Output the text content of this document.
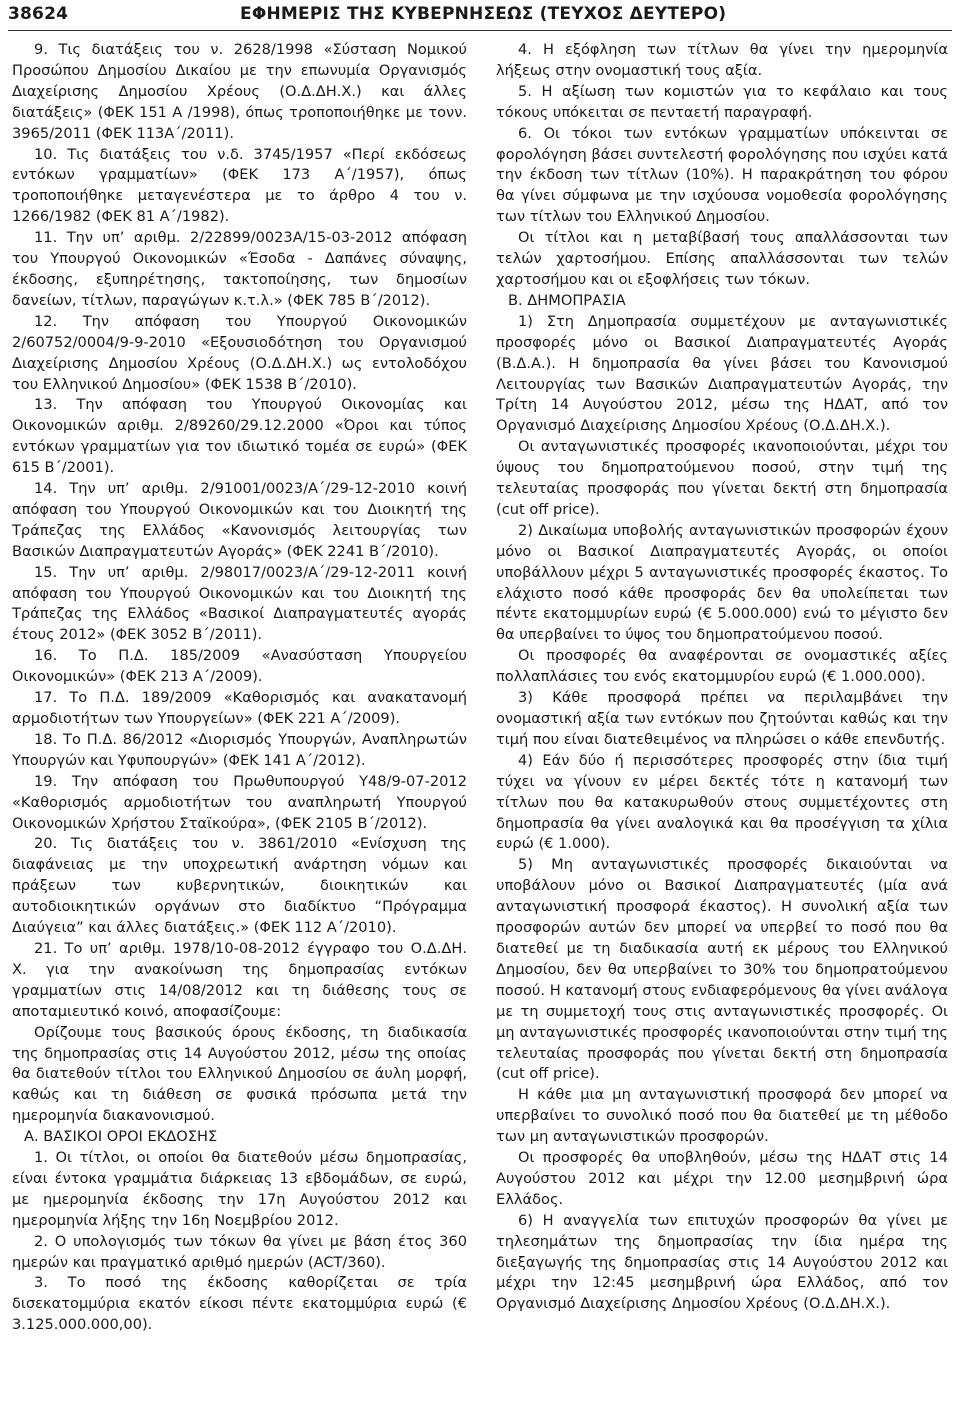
38624	ΕΦΗΜΕΡΙΣ ΤΗΣ ΚΥΒΕΡΝΗΣΕΩΣ (ΤΕΥΧΟΣ ΔΕΥΤΕΡΟ)

9. Τις διατάξεις του ν. 2628/1998 «Σύσταση Νομικού Προσώπου Δημοσίου Δικαίου με την επωνυμία Οργανισμός Διαχείρισης Δημοσίου Χρέους (Ο.Δ.ΔΗ.Χ.) και άλλες διατάξεις» (ΦΕΚ 151 Α /1998), όπως τροποποιήθηκε με τονν. 3965/2011 (ΦΕΚ 113Α΄/2011).

10. Τις διατάξεις του ν.δ. 3745/1957 «Περί εκδόσεως εντόκων γραμματίων» (ΦΕΚ 173 Α΄/1957), όπως τροποποιήθηκε μεταγενέστερα με το άρθρο 4 του ν. 1266/1982 (ΦΕΚ 81 Α΄/1982).

11. Την υπ’ αριθμ. 2/22899/0023Α/15-03-2012 απόφαση του Υπουργού Οικονομικών «Έσοδα - Δαπάνες σύναψης, έκδοσης, εξυπηρέτησης, τακτοποίησης, των δημοσίων δανείων, τίτλων, παραγώγων κ.τ.λ.» (ΦΕΚ 785 Β΄/2012).

12. Την απόφαση του Υπουργού Οικονομικών 2/60752/0004/9-9-2010 «Εξουσιοδότηση του Οργανισμού Διαχείρισης Δημοσίου Χρέους (Ο.Δ.ΔΗ.Χ.) ως εντολοδόχου του Ελληνικού Δημοσίου» (ΦΕΚ 1538 Β΄/2010).

13. Την απόφαση του Υπουργού Οικονομίας και Οικονομικών αριθμ. 2/89260/29.12.2000 «Όροι και τύπος εντόκων γραμματίων για τον ιδιωτικό τομέα σε ευρώ» (ΦΕΚ 615 Β΄/2001).

14. Την υπ’ αριθμ. 2/91001/0023/Α΄/29-12-2010 κοινή απόφαση του Υπουργού Οικονομικών και του Διοικητή της Τράπεζας της Ελλάδος «Κανονισμός λειτουργίας των Βασικών Διαπραγματευτών Αγοράς» (ΦΕΚ 2241 Β΄/2010).

15. Την υπ’ αριθμ. 2/98017/0023/Α΄/29-12-2011 κοινή απόφαση του Υπουργού Οικονομικών και του Διοικητή της Τράπεζας της Ελλάδος «Βασικοί Διαπραγματευτές αγοράς έτους 2012» (ΦΕΚ 3052 Β΄/2011).

16. Το Π.Δ. 185/2009 «Ανασύσταση Υπουργείου Οικονομικών» (ΦΕΚ 213 Α΄/2009).

17. Το Π.Δ. 189/2009 «Καθορισμός και ανακατανομή αρμοδιοτήτων των Υπουργείων» (ΦΕΚ 221 Α΄/2009).

18. Το Π.Δ. 86/2012 «Διορισμός Υπουργών, Αναπληρωτών Υπουργών και Υφυπουργών» (ΦΕΚ 141 Α΄/2012).

19. Την απόφαση του Πρωθυπουργού Υ48/9-07-2012 «Καθορισμός αρμοδιοτήτων του αναπληρωτή Υπουργού Οικονομικών Χρήστου Σταϊκούρα», (ΦΕΚ 2105 Β΄/2012).

20. Τις διατάξεις του ν. 3861/2010 «Ενίσχυση της διαφάνειας με την υποχρεωτική ανάρτηση νόμων και πράξεων των κυβερνητικών, διοικητικών και αυτοδιοικητικών οργάνων στο διαδίκτυο “Πρόγραμμα Διαύγεια” και άλλες διατάξεις.» (ΦΕΚ 112 Α΄/2010).

21. Το υπ’ αριθμ. 1978/10-08-2012 έγγραφο του Ο.Δ.ΔΗ. Χ. για την ανακοίνωση της δημοπρασίας εντόκων γραμματίων στις 14/08/2012 και τη διάθεσης τους σε αποταμιευτικό κοινό, αποφασίζουμε:

Ορίζουμε τους βασικούς όρους έκδοσης, τη διαδικασία της δημοπρασίας στις 14 Αυγούστου 2012, μέσω της οποίας θα διατεθούν τίτλοι του Ελληνικού Δημοσίου σε άυλη μορφή, καθώς και τη διάθεση σε φυσικά πρόσωπα μετά την ημερομηνία διακανονισμού.

Α. ΒΑΣΙΚΟΙ ΟΡΟΙ ΕΚΔΟΣΗΣ

1. Οι τίτλοι, οι οποίοι θα διατεθούν μέσω δημοπρασίας, είναι έντοκα γραμμάτια διάρκειας 13 εβδομάδων, σε ευρώ, με ημερομηνία έκδοσης την 17η Αυγούστου 2012 και ημερομηνία λήξης την 16η Νοεμβρίου 2012.

2. Ο υπολογισμός των τόκων θα γίνει με βάση έτος 360 ημερών και πραγματικό αριθμό ημερών (ACT/360).

3. Το ποσό της έκδοσης καθορίζεται σε τρία δισεκατομμύρια εκατόν είκοσι πέντε εκατομμύρια ευρώ (€ 3.125.000.000,00).

4. Η εξόφληση των τίτλων θα γίνει την ημερομηνία λήξεως στην ονομαστική τους αξία.

5. Η αξίωση των κομιστών για το κεφάλαιο και τους τόκους υπόκειται σε πενταετή παραγραφή.

6. Οι τόκοι των εντόκων γραμματίων υπόκεινται σε φορολόγηση βάσει συντελεστή φορολόγησης που ισχύει κατά την έκδοση των τίτλων (10%). Η παρακράτηση του φόρου θα γίνει σύμφωνα με την ισχύουσα νομοθεσία φορολόγησης των τίτλων του Ελληνικού Δημοσίου.

Οι τίτλοι και η μεταβίβασή τους απαλλάσσονται των τελών χαρτοσήμου. Επίσης απαλλάσσονται των τελών χαρτοσήμου και οι εξοφλήσεις των τόκων.

Β. ΔΗΜΟΠΡΑΣΙΑ

1) Στη Δημοπρασία συμμετέχουν με ανταγωνιστικές προσφορές μόνο οι Βασικοί Διαπραγματευτές Αγοράς (Β.Δ.Α.). Η δημοπρασία θα γίνει βάσει του Κανονισμού Λειτουργίας των Βασικών Διαπραγματευτών Αγοράς, την Τρίτη 14 Αυγούστου 2012, μέσω της ΗΔΑΤ, από τον Οργανισμό Διαχείρισης Δημοσίου Χρέους (Ο.Δ.ΔΗ.Χ.).

Οι ανταγωνιστικές προσφορές ικανοποιούνται, μέχρι του ύψους του δημοπρατούμενου ποσού, στην τιμή της τελευταίας προσφοράς που γίνεται δεκτή στη δημοπρασία (cut off price).

2) Δικαίωμα υποβολής ανταγωνιστικών προσφορών έχουν μόνο οι Βασικοί Διαπραγματευτές Αγοράς, οι οποίοι υποβάλλουν μέχρι 5 ανταγωνιστικές προσφορές έκαστος. Το ελάχιστο ποσό κάθε προσφοράς δεν θα υπολείπεται των πέντε εκατομμυρίων ευρώ (€ 5.000.000) ενώ το μέγιστο δεν θα υπερβαίνει το ύψος του δημοπρατούμενου ποσού.

Οι προσφορές θα αναφέρονται σε ονομαστικές αξίες πολλαπλάσιες του ενός εκατομμυρίου ευρώ (€ 1.000.000).

3) Κάθε προσφορά πρέπει να περιλαμβάνει την ονομαστική αξία των εντόκων που ζητούνται καθώς και την τιμή που είναι διατεθειμένος να πληρώσει ο κάθε επενδυτής.

4) Εάν δύο ή περισσότερες προσφορές στην ίδια τιμή τύχει να γίνουν εν μέρει δεκτές τότε η κατανομή των τίτλων που θα κατακυρωθούν στους συμμετέχοντες στη δημοπρασία θα γίνει αναλογικά και θα προσέγγιση τα χίλια ευρώ (€ 1.000).

5) Μη ανταγωνιστικές προσφορές δικαιούνται να υποβάλουν μόνο οι Βασικοί Διαπραγματευτές (μία ανά ανταγωνιστική προσφορά έκαστος). Η συνολική αξία των προσφορών αυτών δεν μπορεί να υπερβεί το ποσό που θα διατεθεί με τη διαδικασία αυτή εκ μέρους του Ελληνικού Δημοσίου, δεν θα υπερβαίνει το 30% του δημοπρατούμενου ποσού. Η κατανομή στους ενδιαφερόμενους θα γίνει ανάλογα με τη συμμετοχή τους στις ανταγωνιστικές προσφορές. Οι μη ανταγωνιστικές προσφορές ικανοποιούνται στην τιμή της τελευταίας προσφοράς που γίνεται δεκτή στη δημοπρασία (cut off price).

Η κάθε μια μη ανταγωνιστική προσφορά δεν μπορεί να υπερβαίνει το συνολικό ποσό που θα διατεθεί με τη μέθοδο των μη ανταγωνιστικών προσφορών.

Οι προσφορές θα υποβληθούν, μέσω της ΗΔΑΤ στις 14 Αυγούστου 2012 και μέχρι την 12.00 μεσημβρινή ώρα Ελλάδος.

6) Η αναγγελία των επιτυχών προσφορών θα γίνει με τηλεσημάτων της δημοπρασίας την ίδια ημέρα της διεξαγωγής της δημοπρασίας στις 14 Αυγούστου 2012 και μέχρι την 12:45 μεσημβρινή ώρα Ελλάδος, από τον Οργανισμό Διαχείρισης Δημοσίου Χρέους (Ο.Δ.ΔΗ.Χ.).
